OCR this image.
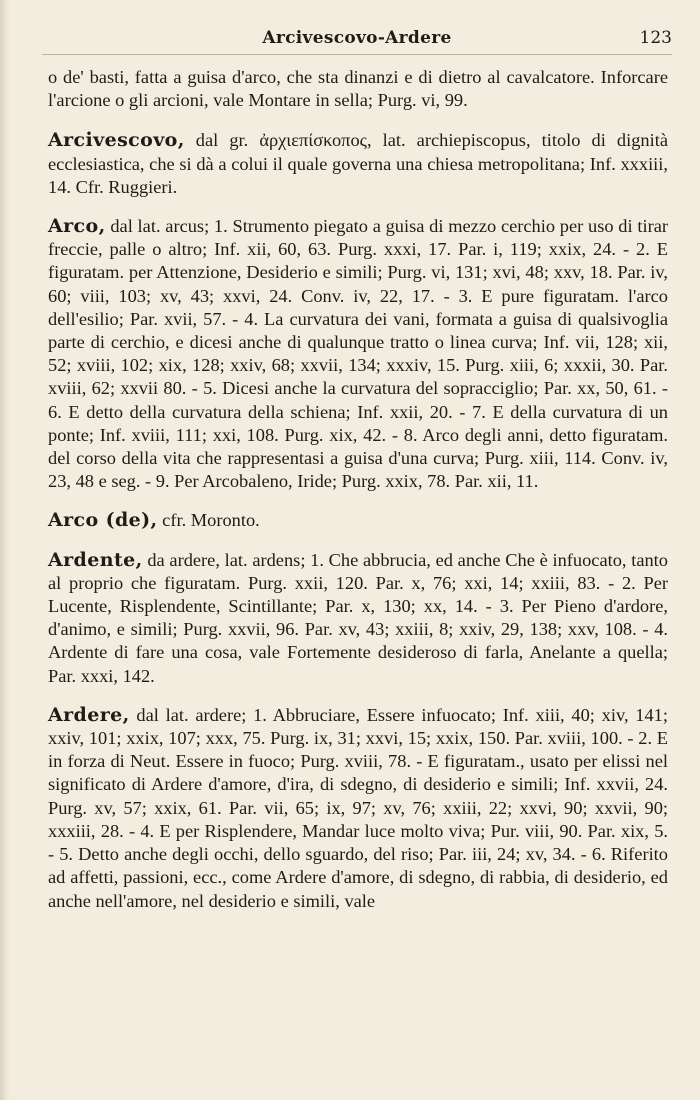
Arcivescovo-Ardere	123

o de' basti, fatta a guisa d'arco, che sta dinanzi e di dietro al cavalcatore. Inforcare l'arcione o gli arcioni, vale Montare in sella; Purg. vi, 99.

Arcivescovo, dal gr. ἀρχιεπίσκοπος, lat. archiepiscopus, titolo di dignità ecclesiastica, che si dà a colui il quale governa una chiesa metropolitana; Inf. xxxiii, 14. Cfr. Ruggieri.

Arco, dal lat. arcus; 1. Strumento piegato a guisa di mezzo cerchio per uso di tirar freccie, palle o altro; Inf. xii, 60, 63. Purg. xxxi, 17. Par. i, 119; xxix, 24. - 2. E figuratam. per Attenzione, Desiderio e simili; Purg. vi, 131; xvi, 48; xxv, 18. Par. iv, 60; viii, 103; xv, 43; xxvi, 24. Conv. iv, 22, 17. - 3. E pure figuratam. l'arco dell'esilio; Par. xvii, 57. - 4. La curvatura dei vani, formata a guisa di qualsivoglia parte di cerchio, e dicesi anche di qualunque tratto o linea curva; Inf. vii, 128; xii, 52; xviii, 102; xix, 128; xxiv, 68; xxvii, 134; xxxiv, 15. Purg. xiii, 6; xxxii, 30. Par. xviii, 62; xxvii 80. - 5. Dicesi anche la curvatura del sopracciglio; Par. xx, 50, 61. - 6. E detto della curvatura della schiena; Inf. xxii, 20. - 7. E della curvatura di un ponte; Inf. xviii, 111; xxi, 108. Purg. xix, 42. - 8. Arco degli anni, detto figuratam. del corso della vita che rappresentasi a guisa d'una curva; Purg. xiii, 114. Conv. iv, 23, 48 e seg. - 9. Per Arcobaleno, Iride; Purg. xxix, 78. Par. xii, 11.

Arco (de), cfr. Moronto.

Ardente, da ardere, lat. ardens; 1. Che abbrucia, ed anche Che è infuocato, tanto al proprio che figuratam. Purg. xxii, 120. Par. x, 76; xxi, 14; xxiii, 83. - 2. Per Lucente, Risplendente, Scintillante; Par. x, 130; xx, 14. - 3. Per Pieno d'ardore, d'animo, e simili; Purg. xxvii, 96. Par. xv, 43; xxiii, 8; xxiv, 29, 138; xxv, 108. - 4. Ardente di fare una cosa, vale Fortemente desideroso di farla, Anelante a quella; Par. xxxi, 142.

Ardere, dal lat. ardere; 1. Abbruciare, Essere infuocato; Inf. xiii, 40; xiv, 141; xxiv, 101; xxix, 107; xxx, 75. Purg. ix, 31; xxvi, 15; xxix, 150. Par. xviii, 100. - 2. E in forza di Neut. Essere in fuoco; Purg. xviii, 78. - E figuratam., usato per elissi nel significato di Ardere d'amore, d'ira, di sdegno, di desiderio e simili; Inf. xxvii, 24. Purg. xv, 57; xxix, 61. Par. vii, 65; ix, 97; xv, 76; xxiii, 22; xxvi, 90; xxvii, 90; xxxiii, 28. - 4. E per Risplendere, Mandar luce molto viva; Pur. viii, 90. Par. xix, 5. - 5. Detto anche degli occhi, dello sguardo, del riso; Par. iii, 24; xv, 34. - 6. Riferito ad affetti, passioni, ecc., come Ardere d'amore, di sdegno, di rabbia, di desiderio, ed anche nell'amore, nel desiderio e simili, vale
